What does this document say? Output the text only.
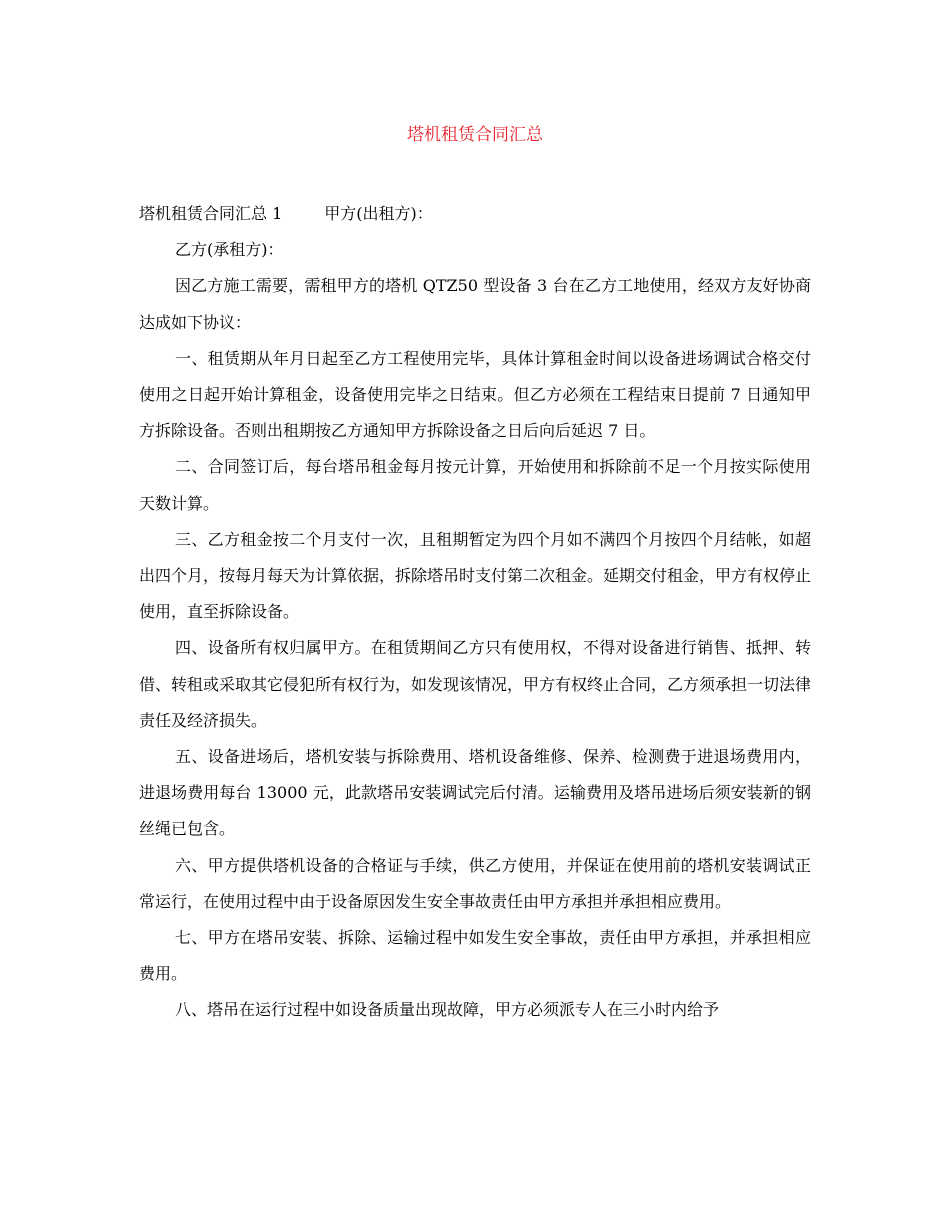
塔机租赁合同汇总

塔机租赁合同汇总 1	甲方(出租方)：

乙方(承租方)：

因乙方施工需要，需租甲方的塔机 QTZ50 型设备 3 台在乙方工地使用，经双方友好协商达成如下协议：

一、租赁期从年月日起至乙方工程使用完毕，具体计算租金时间以设备进场调试合格交付使用之日起开始计算租金，设备使用完毕之日结束。但乙方必须在工程结束日提前 7 日通知甲方拆除设备。否则出租期按乙方通知甲方拆除设备之日后向后延迟 7 日。

二、合同签订后，每台塔吊租金每月按元计算，开始使用和拆除前不足一个月按实际使用天数计算。

三、乙方租金按二个月支付一次，且租期暂定为四个月如不满四个月按四个月结帐，如超出四个月，按每月每天为计算依据，拆除塔吊时支付第二次租金。延期交付租金，甲方有权停止使用，直至拆除设备。

四、设备所有权归属甲方。在租赁期间乙方只有使用权，不得对设备进行销售、抵押、转借、转租或采取其它侵犯所有权行为，如发现该情况，甲方有权终止合同，乙方须承担一切法律责任及经济损失。

五、设备进场后，塔机安装与拆除费用、塔机设备维修、保养、检测费于进退场费用内，进退场费用每台 13000 元，此款塔吊安装调试完后付清。运输费用及塔吊进场后须安装新的钢丝绳已包含。

六、甲方提供塔机设备的合格证与手续，供乙方使用，并保证在使用前的塔机安装调试正常运行，在使用过程中由于设备原因发生安全事故责任由甲方承担并承担相应费用。

七、甲方在塔吊安装、拆除、运输过程中如发生安全事故，责任由甲方承担，并承担相应费用。

八、塔吊在运行过程中如设备质量出现故障，甲方必须派专人在三小时内给予
